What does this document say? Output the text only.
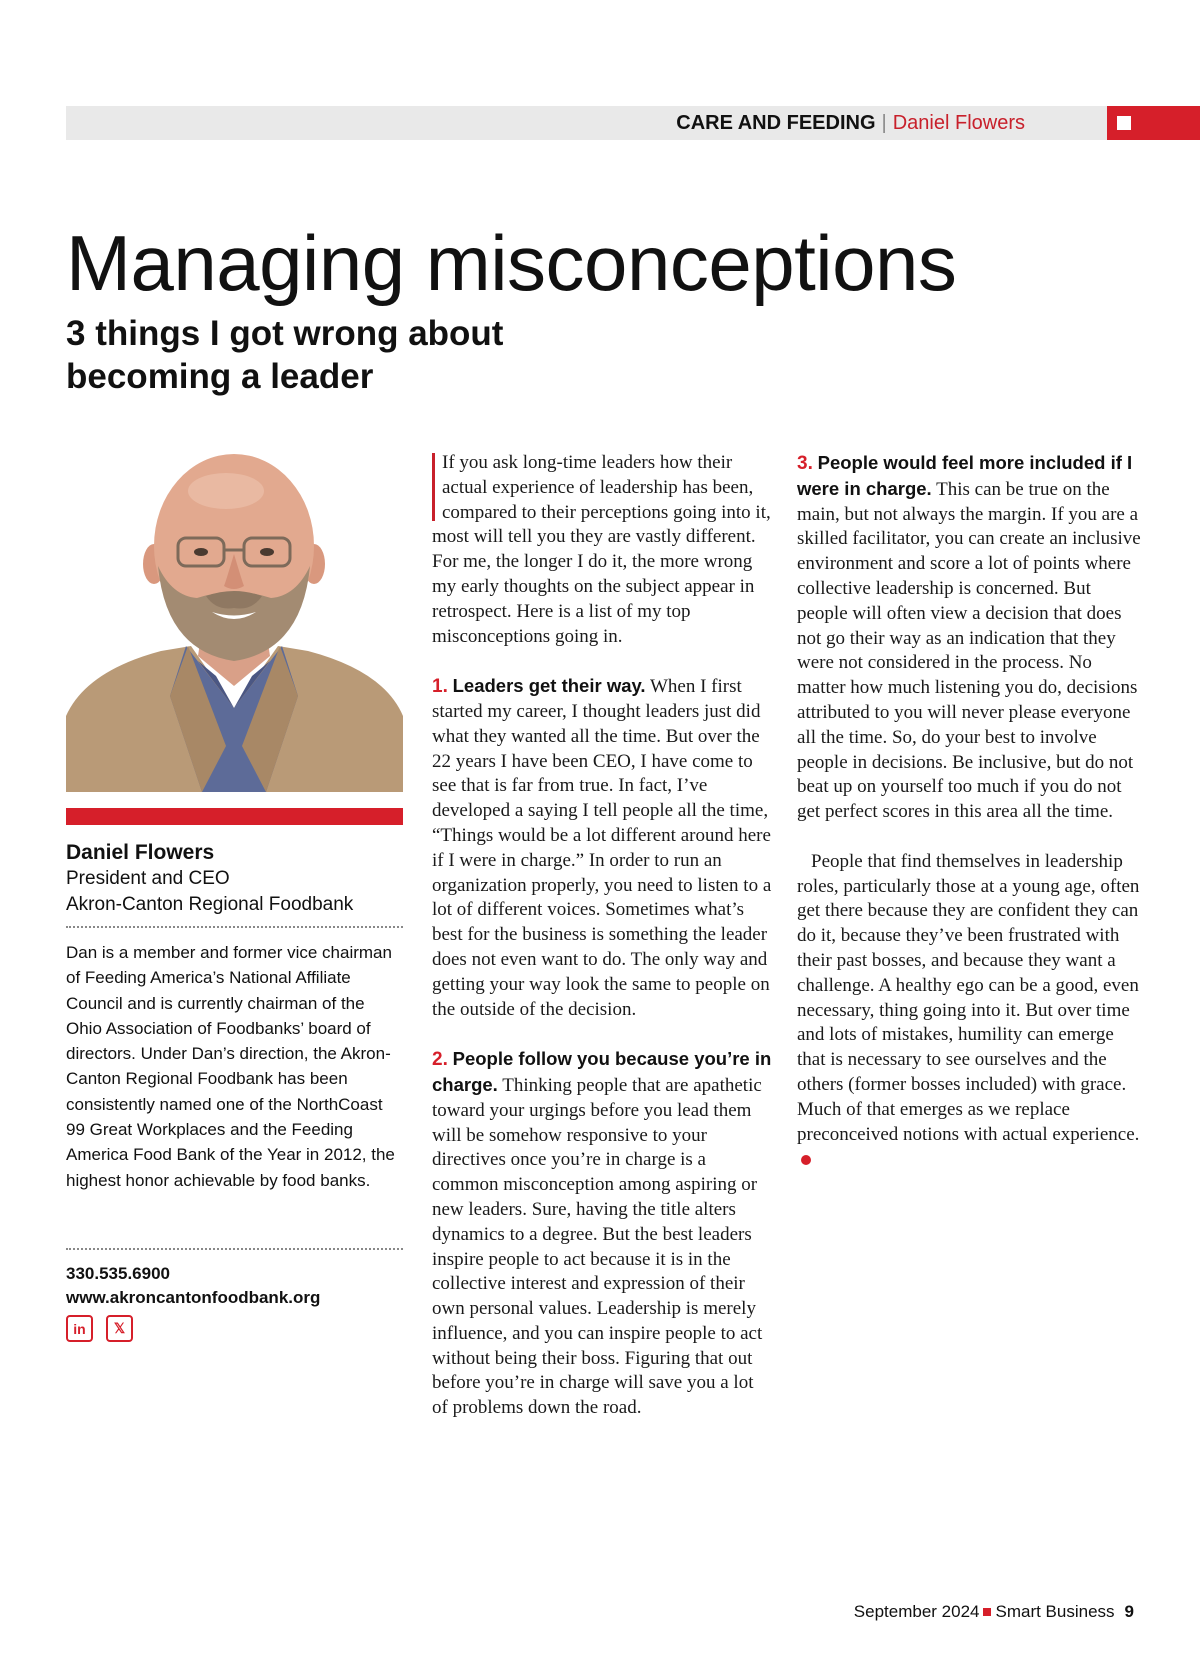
CARE AND FEEDING | Daniel Flowers
Managing misconceptions
3 things I got wrong about becoming a leader
Daniel Flowers
President and CEO
Akron-Canton Regional Foodbank

Dan is a member and former vice chairman of Feeding America’s National Affiliate Council and is currently chairman of the Ohio Association of Foodbanks’ board of directors. Under Dan’s direction, the Akron-Canton Regional Foodbank has been consistently named one of the NorthCoast 99 Great Workplaces and the Feeding America Food Bank of the Year in 2012, the highest honor achievable by food banks.

330.535.6900
www.akroncantonfoodbank.org
in	𝕏

If you ask long-time leaders how their actual experience of leadership has been, compared to their perceptions going into it, most will tell you they are vastly different. For me, the longer I do it, the more wrong my early thoughts on the subject appear in retrospect. Here is a list of my top misconceptions going in.

1. Leaders get their way. When I first started my career, I thought leaders just did what they wanted all the time. But over the 22 years I have been CEO, I have come to see that is far from true. In fact, I’ve developed a saying I tell people all the time, “Things would be a lot different around here if I were in charge.” In order to run an organization properly, you need to listen to a lot of different voices. Sometimes what’s best for the business is something the leader does not even want to do. The only way and getting your way look the same to people on the outside of the decision.

2. People follow you because you’re in charge. Thinking people that are apathetic toward your urgings before you lead them will be somehow responsive to your directives once you’re in charge is a common misconception among aspiring or new leaders. Sure, having the title alters dynamics to a degree. But the best leaders inspire people to act because it is in the collective interest and expression of their own personal values. Leadership is merely influence, and you can inspire people to act without being their boss. Figuring that out before you’re in charge will save you a lot of problems down the road.

3. People would feel more included if I were in charge. This can be true on the main, but not always the margin. If you are a skilled facilitator, you can create an inclusive environment and score a lot of points where collective leadership is concerned. But people will often view a decision that does not go their way as an indication that they were not considered in the process. No matter how much listening you do, decisions attributed to you will never please everyone all the time. So, do your best to involve people in decisions. Be inclusive, but do not beat up on yourself too much if you do not get perfect scores in this area all the time.

People that find themselves in leadership roles, particularly those at a young age, often get there because they are confident they can do it, because they’ve been frustrated with their past bosses, and because they want a challenge. A healthy ego can be a good, even necessary, thing going into it. But over time and lots of mistakes, humility can emerge that is necessary to see ourselves and the others (former bosses included) with grace. Much of that emerges as we replace preconceived notions with actual experience.

September 2024 Smart Business 9
